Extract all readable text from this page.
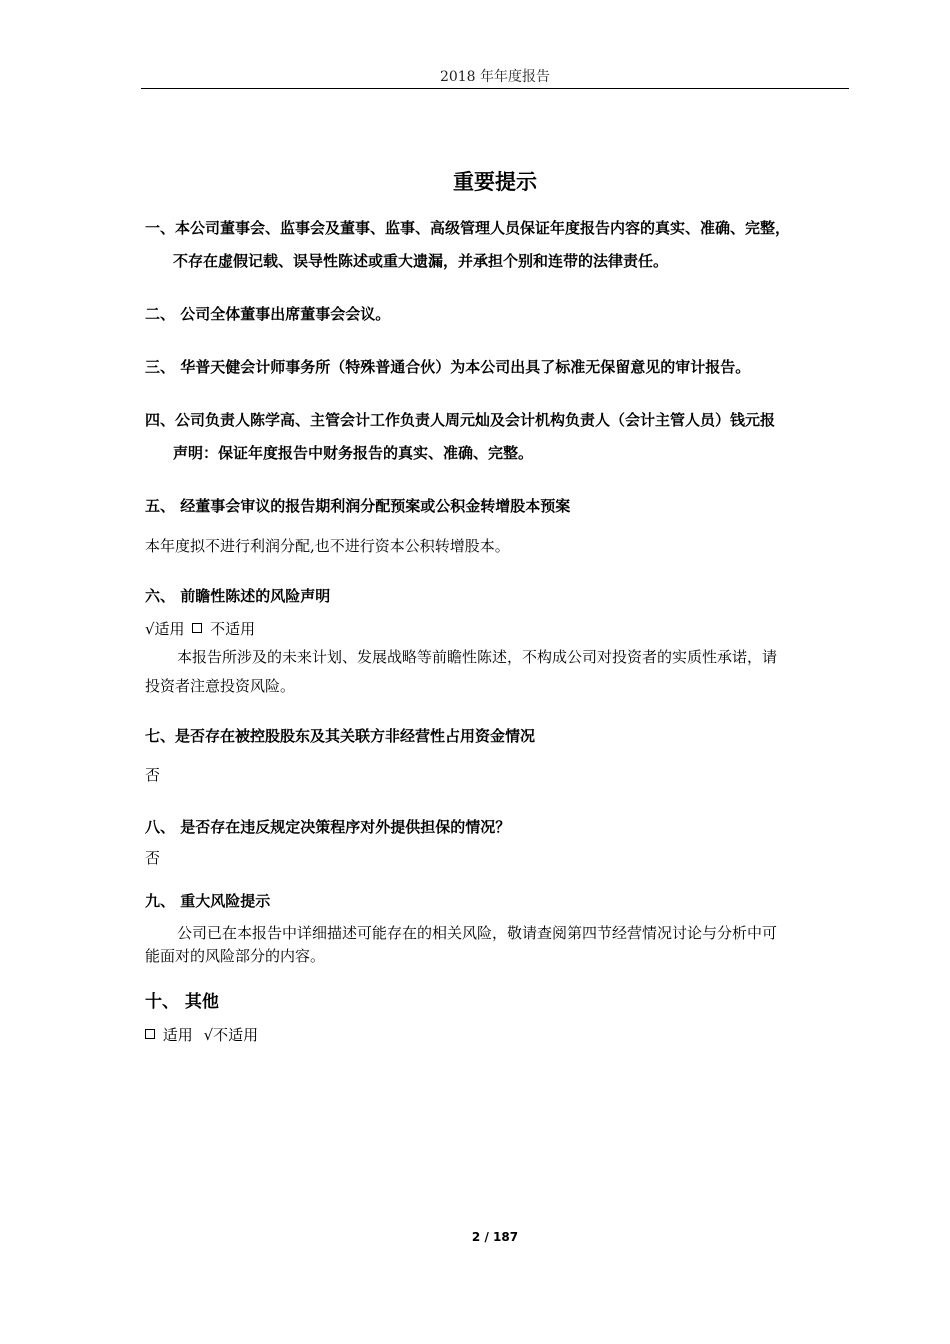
2018 年年度报告
重要提示
一、本公司董事会、监事会及董事、监事、高级管理人员保证年度报告内容的真实、准确、完整，
不存在虚假记载、误导性陈述或重大遗漏，并承担个别和连带的法律责任。
二、 公司全体董事出席董事会会议。
三、 华普天健会计师事务所（特殊普通合伙）为本公司出具了标准无保留意见的审计报告。
四、公司负责人陈学高、主管会计工作负责人周元灿及会计机构负责人（会计主管人员）钱元报
声明：保证年度报告中财务报告的真实、准确、完整。
五、 经董事会审议的报告期利润分配预案或公积金转增股本预案
本年度拟不进行利润分配,也不进行资本公积转增股本。
六、 前瞻性陈述的风险声明
√适用 不适用
本报告所涉及的未来计划、发展战略等前瞻性陈述，不构成公司对投资者的实质性承诺，请
投资者注意投资风险。
七、是否存在被控股股东及其关联方非经营性占用资金情况
否
八、 是否存在违反规定决策程序对外提供担保的情况？
否
九、 重大风险提示
公司已在本报告中详细描述可能存在的相关风险，敬请查阅第四节经营情况讨论与分析中可
能面对的风险部分的内容。
十、 其他
适用 √不适用
2 / 187
